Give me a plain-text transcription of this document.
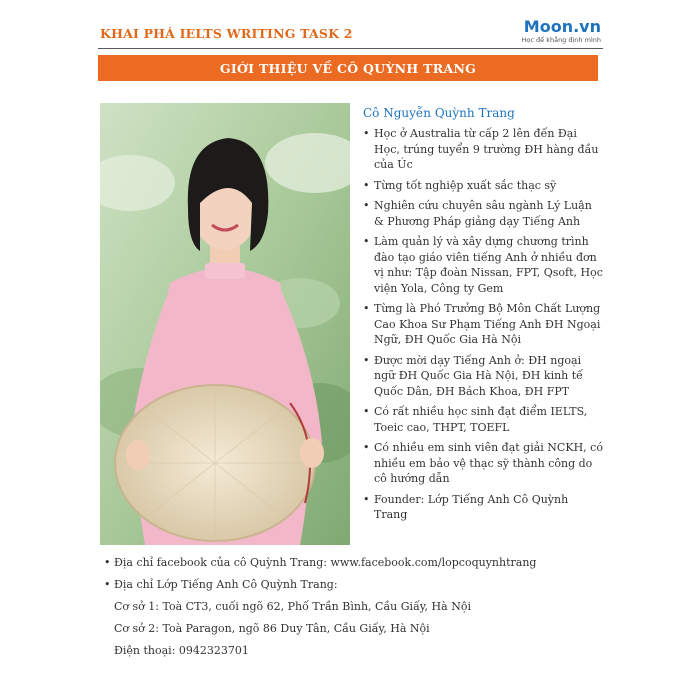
KHAI PHÁ IELTS WRITING TASK 2	Moon.vn
Học để khẳng định mình
GIỚI THIỆU VỀ CÔ QUỲNH TRANG
Cô Nguyễn Quỳnh Trang
• Học ở Australia từ cấp 2 lên đến Đại Học, trúng tuyển 9 trường ĐH hàng đầu của Úc
• Từng tốt nghiệp xuất sắc thạc sỹ
• Nghiên cứu chuyên sâu ngành Lý Luận & Phương Pháp giảng dạy Tiếng Anh
• Làm quản lý và xây dựng chương trình đào tạo giáo viên tiếng Anh ở nhiều đơn vị như: Tập đoàn Nissan, FPT, Qsoft, Học viện Yola, Công ty Gem
• Từng là Phó Trưởng Bộ Môn Chất Lượng Cao Khoa Sư Phạm Tiếng Anh ĐH Ngoại Ngữ, ĐH Quốc Gia Hà Nội
• Được mời dạy Tiếng Anh ở: ĐH ngoại ngữ ĐH Quốc Gia Hà Nội, ĐH kinh tế Quốc Dân, ĐH Bách Khoa, ĐH FPT
• Có rất nhiều học sinh đạt điểm IELTS, Toeic cao, THPT, TOEFL
• Có nhiều em sinh viên đạt giải NCKH, có nhiều em bảo vệ thạc sỹ thành công do cô hướng dẫn
• Founder: Lớp Tiếng Anh Cô Quỳnh Trang
• Địa chỉ facebook của cô Quỳnh Trang: www.facebook.com/lopcoquynhtrang
• Địa chỉ Lớp Tiếng Anh Cô Quỳnh Trang:
Cơ sở 1: Toà CT3, cuối ngõ 62, Phố Trần Bình, Cầu Giấy, Hà Nội
Cơ sở 2: Toà Paragon, ngõ 86 Duy Tân, Cầu Giấy, Hà Nội
Điện thoại: 0942323701
